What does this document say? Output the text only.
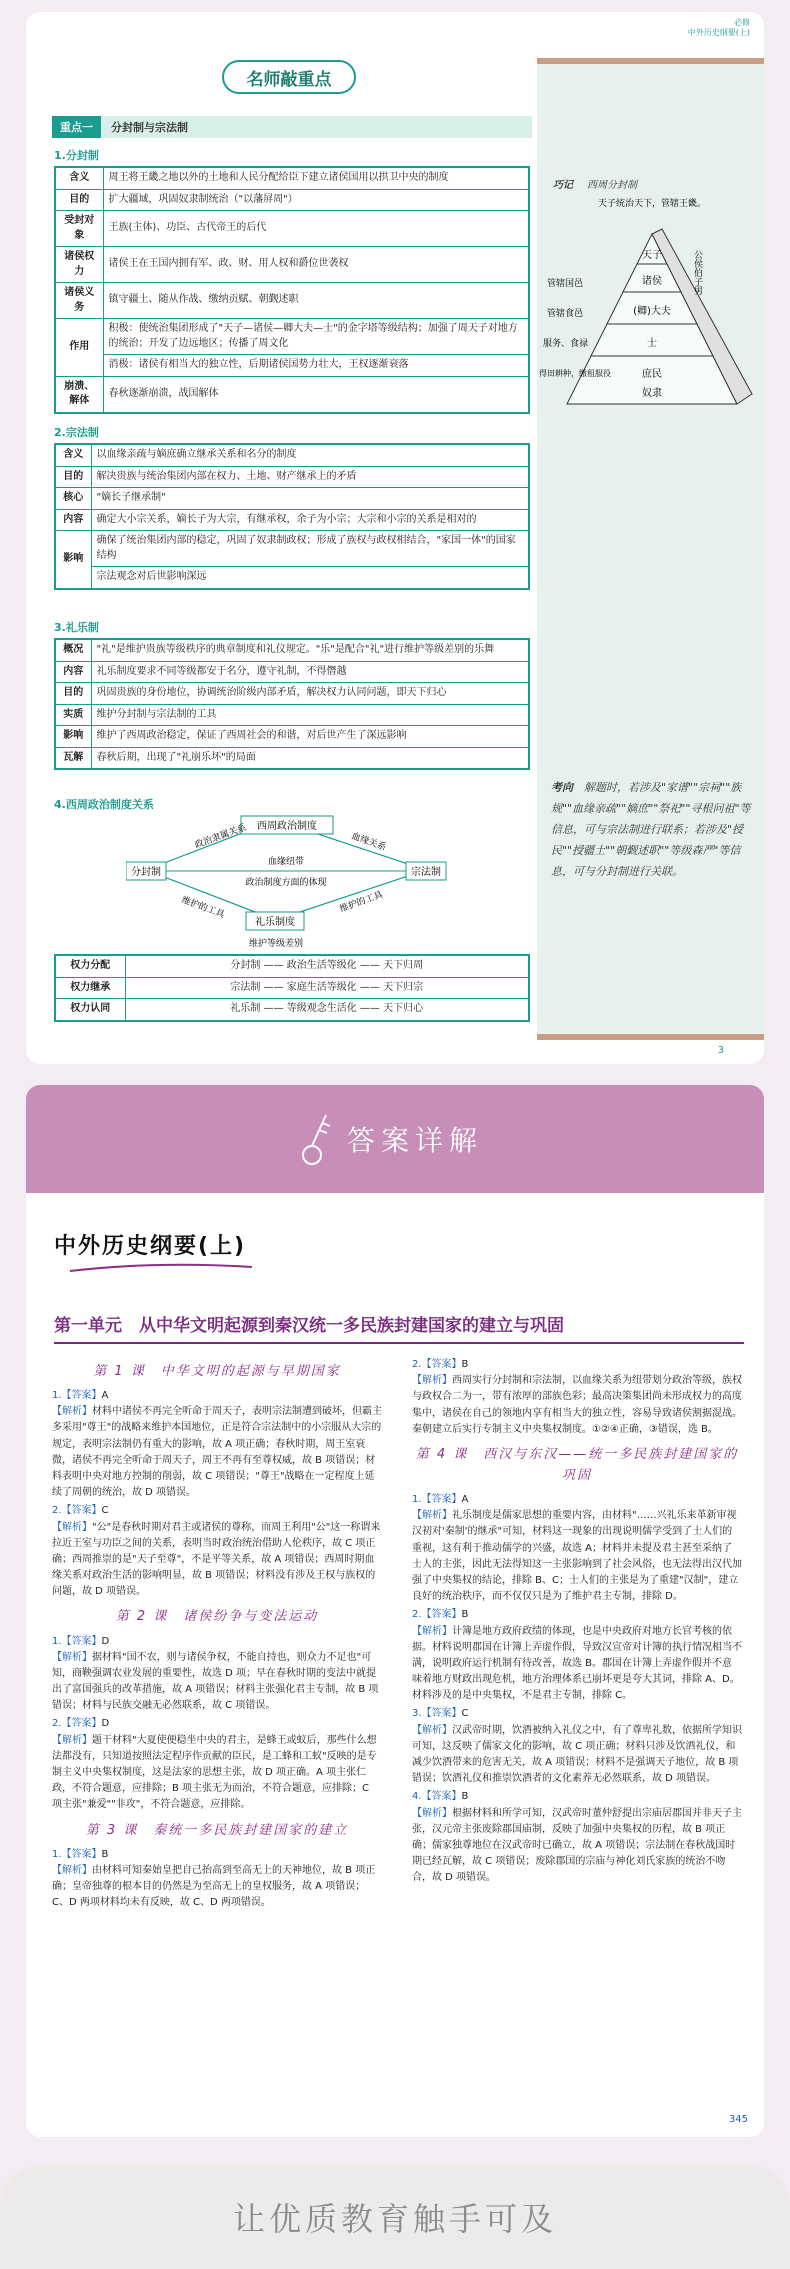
必修
中外历史纲要(上)
名师敲重点
重点一	分封制与宗法制
1.分封制
含义	周王将王畿之地以外的土地和人民分配给臣下建立诸侯国用以拱卫中央的制度
目的	扩大疆域，巩固奴隶制统治（"以藩屏周"）
受封对象	王族(主体)、功臣、古代帝王的后代
诸侯权力	诸侯王在王国内拥有军、政、财、用人权和爵位世袭权
诸侯义务	镇守疆土、随从作战、缴纳贡赋、朝觐述职
作用	积极：使统治集团形成了"天子—诸侯—卿大夫—士"的金字塔等级结构；加强了周天子对地方的统治；开发了边远地区；传播了周文化
	消极：诸侯有相当大的独立性，后期诸侯国势力壮大，王权逐渐衰落
崩溃、解体	春秋逐渐崩溃，战国解体
2.宗法制
含义	以血缘亲疏与嫡庶确立继承关系和名分的制度
目的	解决贵族与统治集团内部在权力、土地、财产继承上的矛盾
核心	"嫡长子继承制"
内容	确定大小宗关系，嫡长子为大宗，有继承权，余子为小宗；大宗和小宗的关系是相对的
影响	确保了统治集团内部的稳定，巩固了奴隶制政权；形成了族权与政权相结合，"家国一体"的国家结构
	宗法观念对后世影响深远
3.礼乐制
概况	"礼"是维护贵族等级秩序的典章制度和礼仪规定。"乐"是配合"礼"进行维护等级差别的乐舞
内容	礼乐制度要求不同等级都安于名分，遵守礼制，不得僭越
目的	巩固贵族的身份地位，协调统治阶级内部矛盾，解决权力认同问题，即天下归心
实质	维护分封制与宗法制的工具
影响	维护了西周政治稳定，保证了西周社会的和谐，对后世产生了深远影响
瓦解	春秋后期，出现了"礼崩乐坏"的局面
4.西周政治制度关系
西周政治制度
分封制	宗法制
礼乐制度
政治隶属关系	血缘关系
血缘纽带
政治制度方面的体现
维护的工具	维护的工具
维护等级差别
权力分配	分封制 —— 政治生活等级化 —— 天下归周
权力继承	宗法制 —— 家庭生活等级化 —— 天下归宗
权力认同	礼乐制 —— 等级观念生活化 —— 天下归心
巧记 西周分封制
天子统治天下，管辖王畿。
天子
诸侯
(卿)大夫
士
庶民
奴隶
公侯伯子男
管辖国邑
管辖食邑
服务、食禄
得田耕种，缴租服役
考向　 解题时，若涉及"家谱""宗祠""族规""血缘亲疏""嫡庶""祭祀""寻根问祖"等信息，可与宗法制进行联系；若涉及"授民""授疆土""朝觐述职""等级森严"等信息，可与分封制进行关联。
3
答案详解
中外历史纲要(上)
第一单元　从中华文明起源到秦汉统一多民族封建国家的建立与巩固
第 1 课　中华文明的起源与早期国家
1.【答案】A
【解析】材料中诸侯不再完全听命于周天子，表明宗法制遭到破坏，但霸主多采用"尊王"的战略来维护本国地位，正是符合宗法制中的小宗服从大宗的规定，表明宗法制仍有重大的影响，故 A 项正确；春秋时期，周王室衰微，诸侯不再完全听命于周天子，周王不再有至尊权威，故 B 项错误；材料表明中央对地方控制的削弱，故 C 项错误；"尊王"战略在一定程度上延续了周朝的统治，故 D 项错误。
2.【答案】C
【解析】"公"是春秋时期对君主或诸侯的尊称，而周王利用"公"这一称谓来拉近王室与功臣之间的关系，表明当时政治统治借助人伦秩序，故 C 项正确；西周推崇的是"天子至尊"，不是平等关系，故 A 项错误；西周时期血缘关系对政治生活的影响明显，故 B 项错误；材料没有涉及王权与族权的问题，故 D 项错误。
第 2 课　诸侯纷争与变法运动
1.【答案】D
【解析】据材料"国不农，则与诸侯争权，不能自持也，则众力不足也"可知，商鞅强调农业发展的重要性，故选 D 项；早在春秋时期的变法中就提出了富国强兵的改革措施，故 A 项错误；材料主张强化君主专制，故 B 项错误；材料与民族交融无必然联系，故 C 项错误。
2.【答案】D
【解析】题干材料"大夏使便稳坐中央的君主，是蜂王或蚁后，那些什么想法都没有，只知道按照法定程序作贡献的臣民，是工蜂和工蚁"反映的是专制主义中央集权制度，这是法家的思想主张，故 D 项正确。A 项主张仁政，不符合题意，应排除；B 项主张无为而治，不符合题意，应排除；C 项主张"兼爱""非攻"，不符合题意，应排除。
第 3 课　秦统一多民族封建国家的建立
1.【答案】B
【解析】由材料可知秦始皇把自己抬高到至高无上的天神地位，故 B 项正确；皇帝独尊的根本目的仍然是为至高无上的皇权服务，故 A 项错误；C、D 两项材料均未有反映，故 C、D 两项错误。
2.【答案】B
【解析】西周实行分封制和宗法制，以血缘关系为纽带划分政治等级，族权与政权合二为一，带有浓厚的部族色彩；最高决策集团尚未形成权力的高度集中，诸侯在自己的领地内享有相当大的独立性，容易导致诸侯割据混战。秦朝建立后实行专制主义中央集权制度。①②④正确，③错误，选 B。
第 4 课　西汉与东汉——统一多民族封建国家的巩固
1.【答案】A
【解析】礼乐制度是儒家思想的重要内容，由材料"……兴礼乐来革新审视汉初对'秦制'的继承"可知，材料这一现象的出现说明儒学受到了士人们的重视，这有利于推动儒学的兴盛，故选 A；材料并未提及君主甚至采纳了士人的主张，因此无法得知这一主张影响到了社会风俗，也无法得出汉代加强了中央集权的结论，排除 B、C；士人们的主张是为了重建"汉制"，建立良好的统治秩序，而不仅仅只是为了维护君主专制，排除 D。
2.【答案】B
【解析】计簿是地方政府政绩的体现，也是中央政府对地方长官考核的依据。材料说明郡国在计簿上弄虚作假，导致汉宣帝对计簿的执行情况相当不满，说明政府运行机制有待改善，故选 B。郡国在计簿上弄虚作假并不意味着地方财政出现危机，地方治理体系已崩坏更是夸大其词，排除 A、D。材料涉及的是中央集权，不是君主专制，排除 C。
3.【答案】C
【解析】汉武帝时期，饮酒被纳入礼仪之中，有了尊卑礼数，依据所学知识可知，这反映了儒家文化的影响，故 C 项正确；材料只涉及饮酒礼仪，和减少饮酒带来的危害无关，故 A 项错误；材料不是强调天子地位，故 B 项错误；饮酒礼仪和推崇饮酒者的文化素养无必然联系，故 D 项错误。
4.【答案】B
【解析】根据材料和所学可知，汉武帝时董仲舒提出宗庙居郡国并非天子主张，汉元帝主张废除郡国庙制，反映了加强中央集权的历程，故 B 项正确；儒家独尊地位在汉武帝时已确立，故 A 项错误；宗法制在春秋战国时期已经瓦解，故 C 项错误；废除郡国的宗庙与神化刘氏家族的统治不吻合，故 D 项错误。
345
让优质教育触手可及
